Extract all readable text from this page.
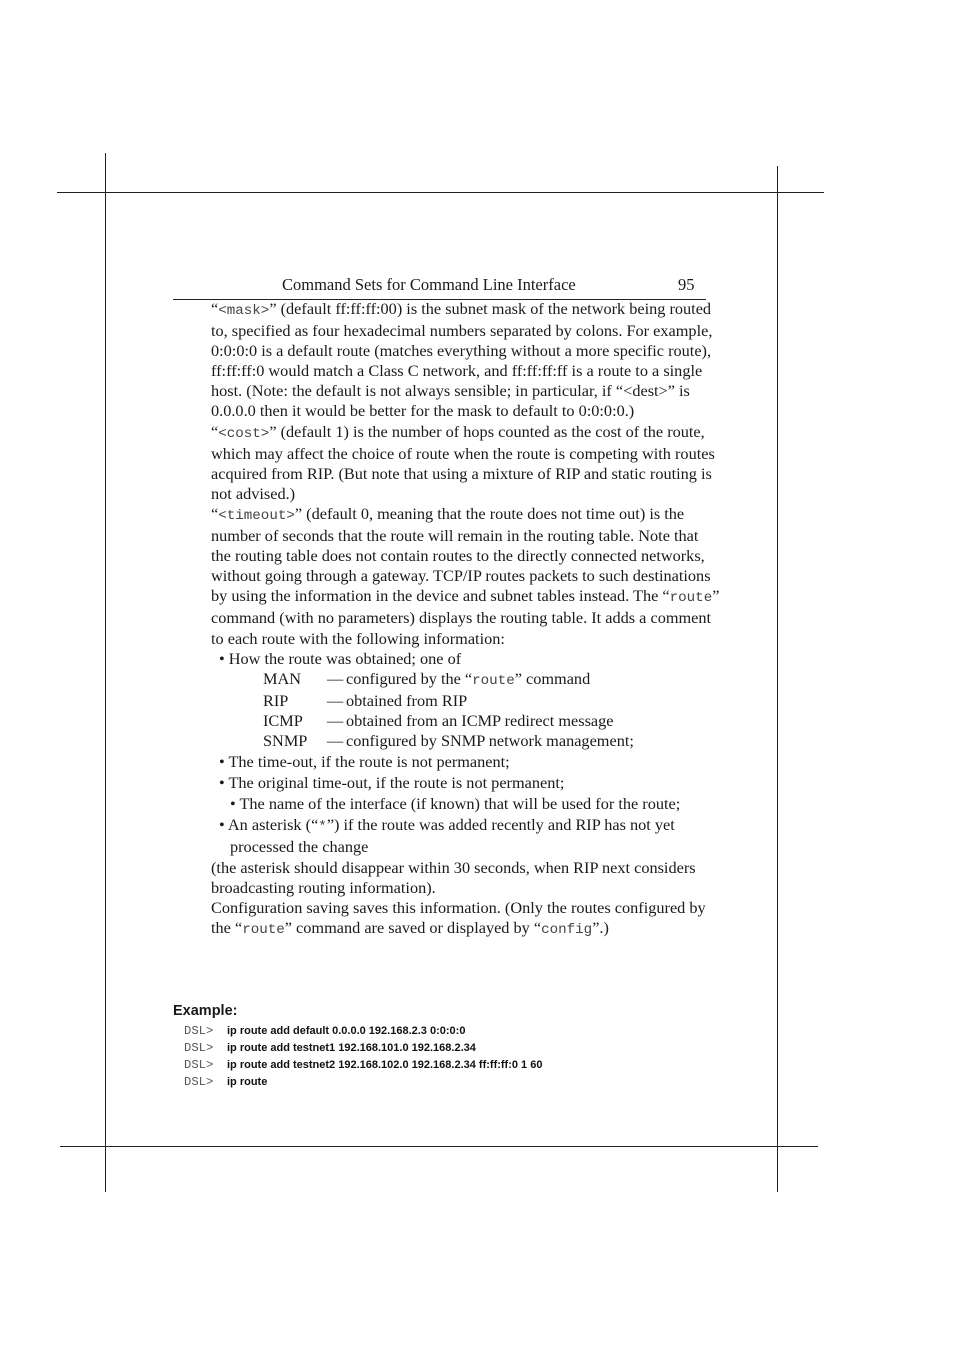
Command Sets for Command Line Interface	95

“<mask>” (default ff:ff:ff:00) is the subnet mask of the network being routed to, specified as four hexadecimal numbers separated by colons. For example, 0:0:0:0 is a default route (matches everything without a more specific route), ff:ff:ff:0 would match a Class C network, and ff:ff:ff:ff is a route to a single host. (Note: the default is not always sensible; in particular, if “<dest>” is 0.0.0.0 then it would be better for the mask to default to 0:0:0:0.)

“<cost>” (default 1) is the number of hops counted as the cost of the route, which may affect the choice of route when the route is competing with routes acquired from RIP. (But note that using a mixture of RIP and static routing is not advised.)

“<timeout>” (default 0, meaning that the route does not time out) is the number of seconds that the route will remain in the routing table. Note that the routing table does not contain routes to the directly connected networks, without going through a gateway. TCP/IP routes packets to such destinations by using the information in the device and subnet tables instead. The “route” command (with no parameters) displays the routing table. It adds a comment to each route with the following information:

• How the route was obtained; one of

MAN	—	configured by the “route” command
RIP	—	obtained from RIP
ICMP	—	obtained from an ICMP redirect message
SNMP	—	configured by SNMP network management;

• The time-out, if the route is not permanent;

• The original time-out, if the route is not permanent;

• The name of the interface (if known) that will be used for the route;

• An asterisk (“*”) if the route was added recently and RIP has not yet processed the change

(the asterisk should disappear within 30 seconds, when RIP next considers broadcasting routing information).

Configuration saving saves this information. (Only the routes configured by the “route” command are saved or displayed by “config”.)

Example:
DSL> ip route add default 0.0.0.0 192.168.2.3 0:0:0:0
DSL> ip route add testnet1 192.168.101.0 192.168.2.34
DSL> ip route add testnet2 192.168.102.0 192.168.2.34 ff:ff:ff:0 1 60
DSL> ip route
